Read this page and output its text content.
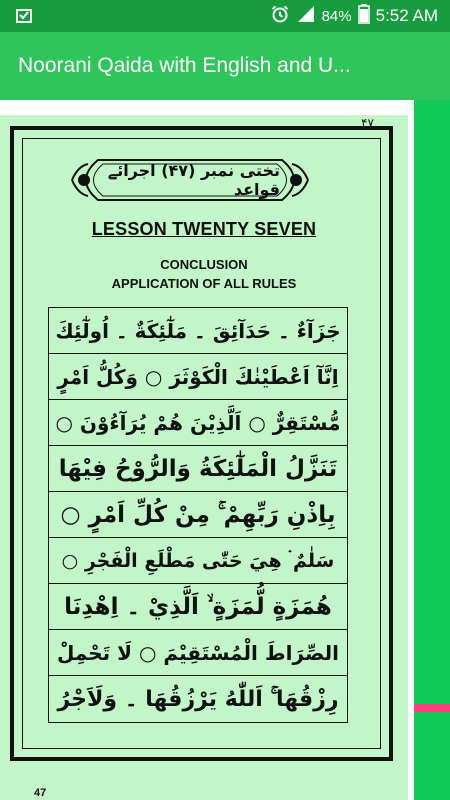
84% 5:52 AM
Noorani Qaida with English and U...
۴۷
تختی نمبر (۴۷) اجرائے قواعد
LESSON TWENTY SEVEN
CONCLUSION
APPLICATION OF ALL RULES
جَزَآءٌ ۔ حَدَآئِقَ ۔ مَلٰٓئِكَةٌ ۔ اُولٰٓئِكَ
اِنَّآ اَعْطَيْنٰكَ الْكَوْثَرَ ○ وَكُلُّ اَمْرٍ
مُّسْتَقِرٌّ ○ اَلَّذِيْنَ هُمْ يُرَآءُوْنَ ○
تَنَزَّلُ الْمَلٰٓئِكَةُ وَالرُّوْحُ فِيْهَا
بِاِذْنِ رَبِّهِمْ ۚ مِنْ كُلِّ اَمْرٍ ○
سَلٰمٌ ۛ هِيَ حَتّٰى مَطْلَعِ الْفَجْرِ ○
هُمَزَةٍ لُّمَزَةٍ ۙ اَلَّذِيْ ۔ اِهْدِنَا
الصِّرَاطَ الْمُسْتَقِيْمَ ○ لَا تَحْمِلْ
رِزْقُهَا ۚ اَللّٰهُ يَرْزُقُهَا ۔ وَلَاَجْرُ
47
